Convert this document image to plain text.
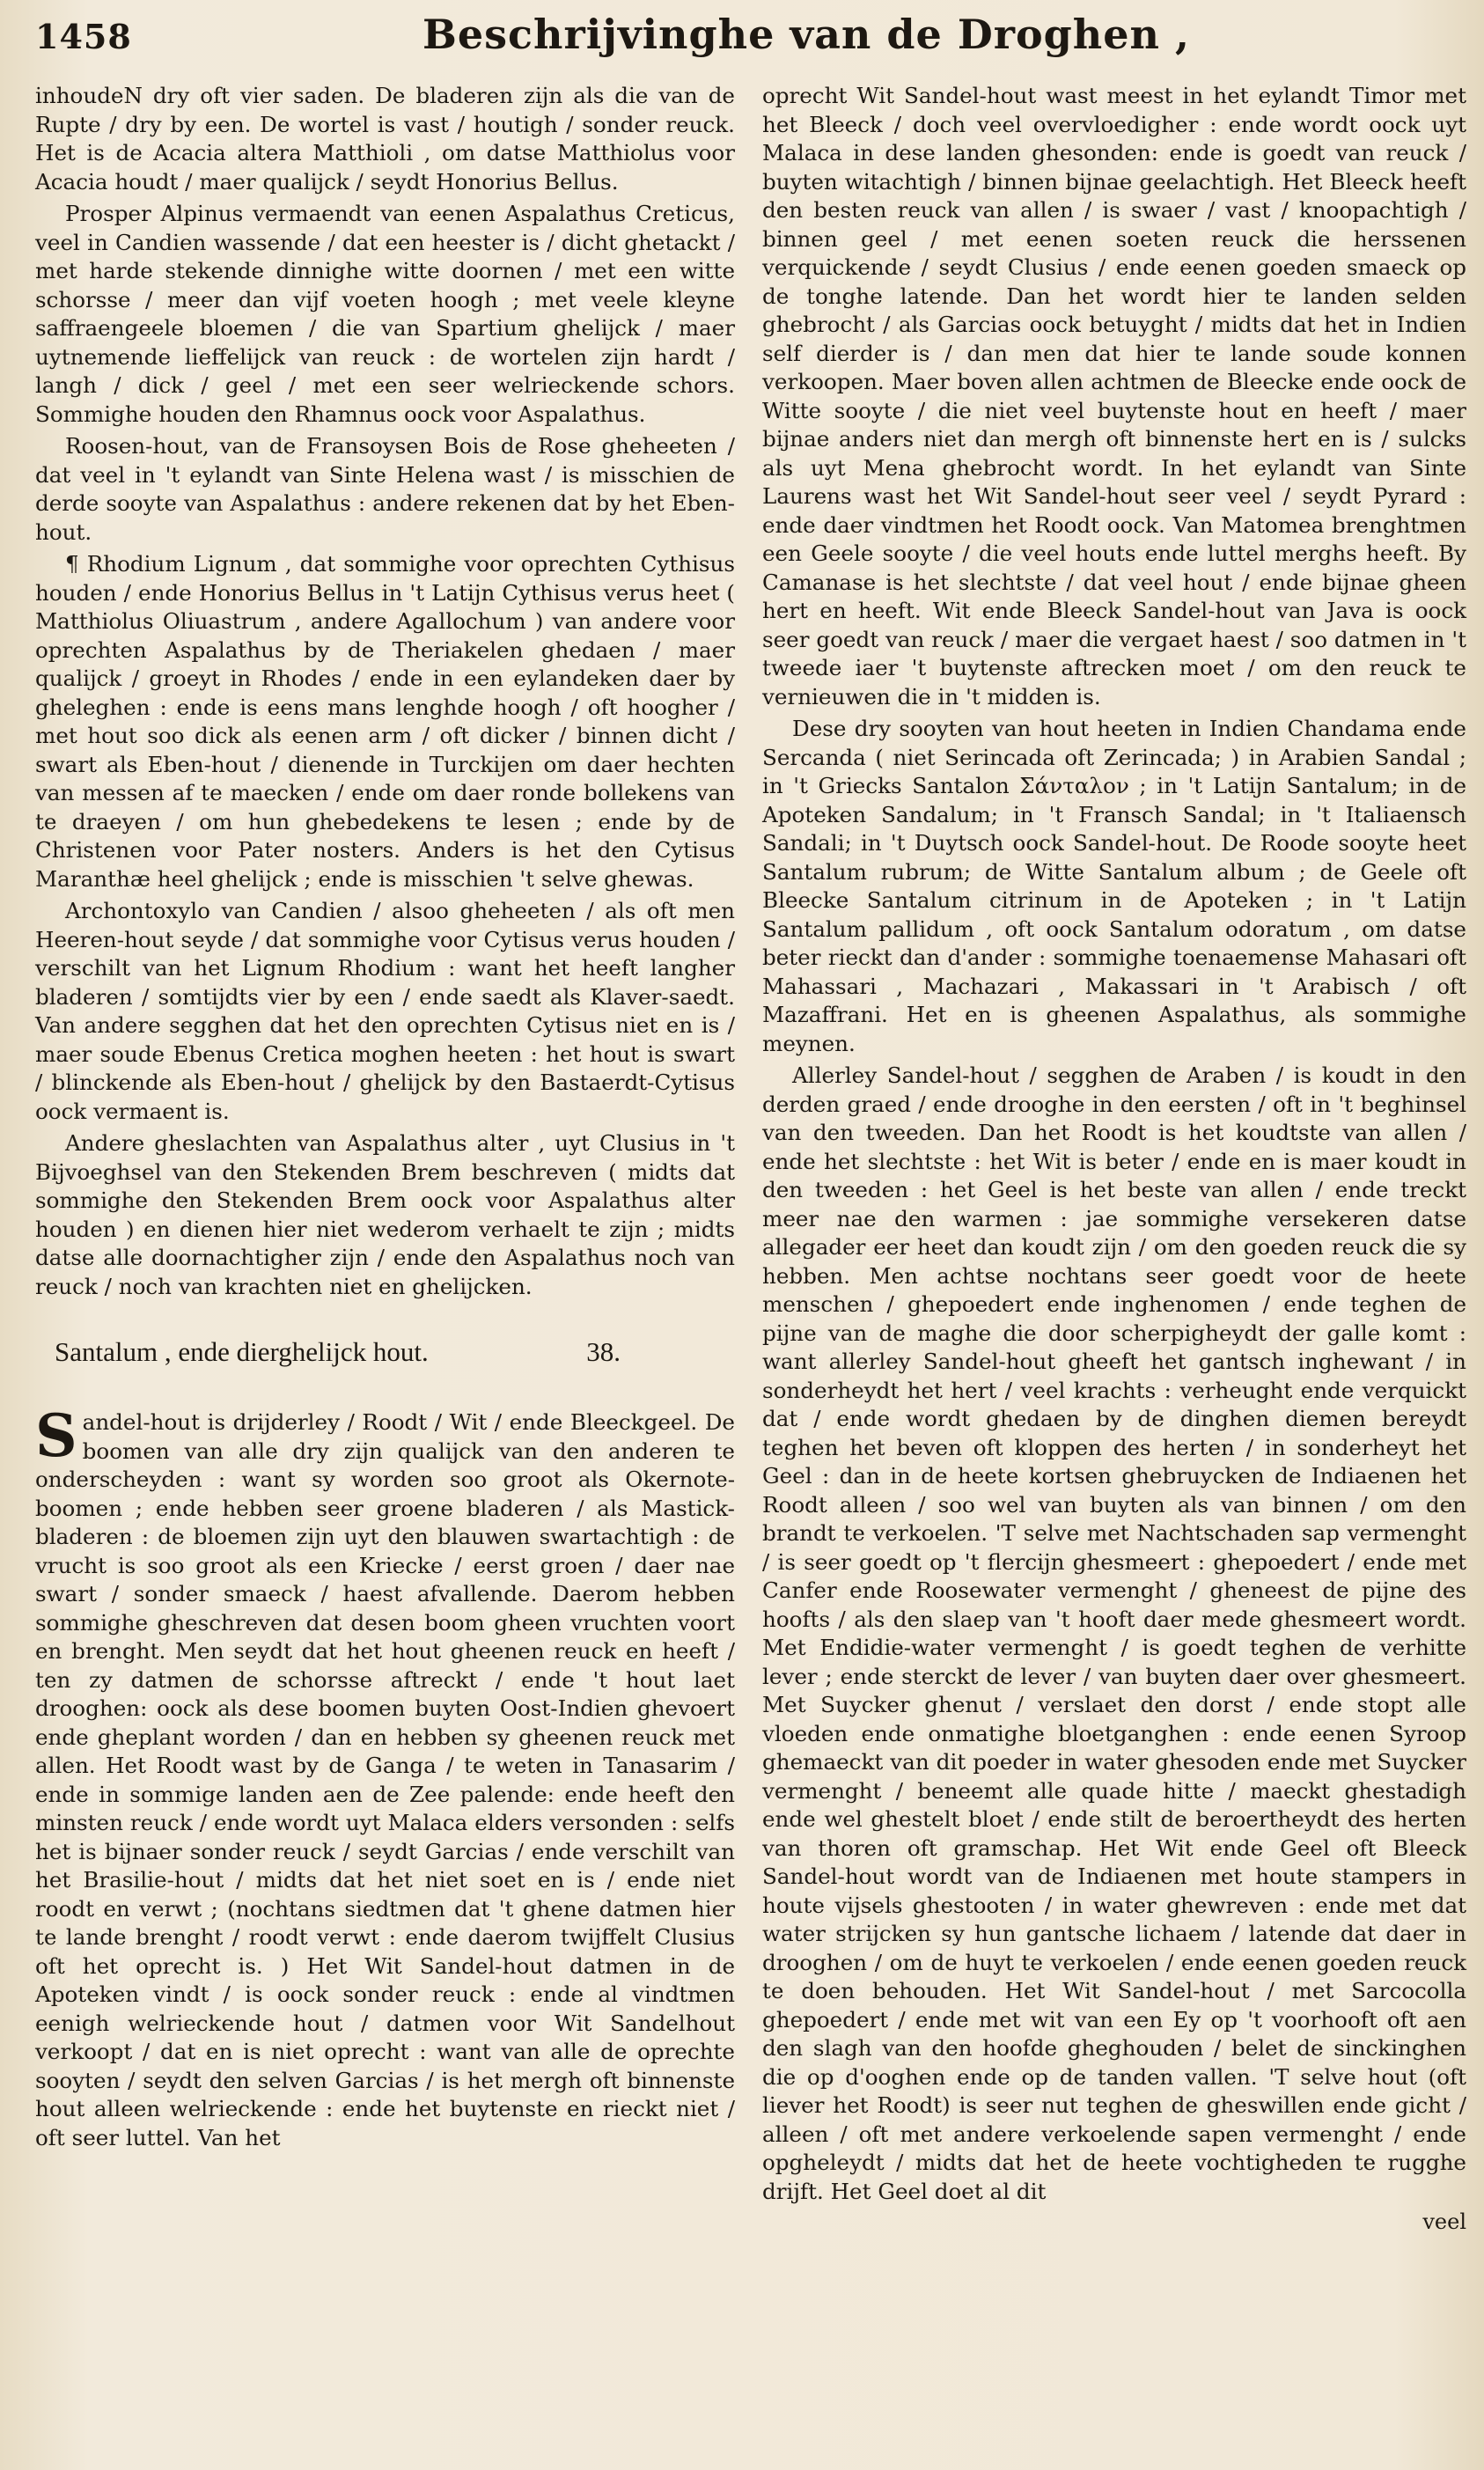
1458	Beschrijvinghe van de Droghen ,

inhoudeN dry oft vier saden. De bladeren zijn als die van de Rupte / dry by een. De wortel is vast / houtigh / sonder reuck. Het is de Acacia altera Matthioli , om datse Matthiolus voor Acacia houdt / maer qualijck / seydt Honorius Bellus.

Prosper Alpinus vermaendt van eenen Aspalathus Creticus, veel in Candien wassende / dat een heester is / dicht ghetackt / met harde stekende dinnighe witte doornen / met een witte schorsse / meer dan vijf voeten hoogh ; met veele kleyne saffraengeele bloemen / die van Spartium ghelijck / maer uytnemende lieffelijck van reuck : de wortelen zijn hardt / langh / dick / geel / met een seer welrieckende schors. Sommighe houden den Rhamnus oock voor Aspalathus.

Roosen-hout, van de Fransoysen Bois de Rose gheheeten / dat veel in 't eylandt van Sinte Helena wast / is misschien de derde sooyte van Aspalathus : andere rekenen dat by het Eben-hout.

¶ Rhodium Lignum , dat sommighe voor oprechten Cythisus houden / ende Honorius Bellus in 't Latijn Cythisus verus heet ( Matthiolus Oliuastrum , andere Agallochum ) van andere voor oprechten Aspalathus by de Theriakelen ghedaen / maer qualijck / groeyt in Rhodes / ende in een eylandeken daer by gheleghen : ende is eens mans lenghde hoogh / oft hoogher / met hout soo dick als eenen arm / oft dicker / binnen dicht / swart als Eben-hout / dienende in Turckijen om daer hechten van messen af te maecken / ende om daer ronde bollekens van te draeyen / om hun ghebedekens te lesen ; ende by de Christenen voor Pater nosters. Anders is het den Cytisus Maranthæ heel ghelijck ; ende is misschien 't selve ghewas.

Archontoxylo van Candien / alsoo gheheeten / als oft men Heeren-hout seyde / dat sommighe voor Cytisus verus houden / verschilt van het Lignum Rhodium : want het heeft langher bladeren / somtijdts vier by een / ende saedt als Klaver-saedt. Van andere segghen dat het den oprechten Cytisus niet en is / maer soude Ebenus Cretica moghen heeten : het hout is swart / blinckende als Eben-hout / ghelijck by den Bastaerdt-Cytisus oock vermaent is.

Andere gheslachten van Aspalathus alter , uyt Clusius in 't Bijvoeghsel van den Stekenden Brem beschreven ( midts dat sommighe den Stekenden Brem oock voor Aspalathus alter houden ) en dienen hier niet wederom verhaelt te zijn ; midts datse alle doornachtigher zijn / ende den Aspalathus noch van reuck / noch van krachten niet en ghelijcken.

Santalum , ende dierghelijck hout.	38.

Sandel-hout is drijderley / Roodt / Wit / ende Bleeckgeel. De boomen van alle dry zijn qualijck van den anderen te onderscheyden : want sy worden soo groot als Okernote-boomen ; ende hebben seer groene bladeren / als Mastick-bladeren : de bloemen zijn uyt den blauwen swartachtigh : de vrucht is soo groot als een Kriecke / eerst groen / daer nae swart / sonder smaeck / haest afvallende. Daerom hebben sommighe gheschreven dat desen boom gheen vruchten voort en brenght. Men seydt dat het hout gheenen reuck en heeft / ten zy datmen de schorsse aftreckt / ende 't hout laet drooghen: oock als dese boomen buyten Oost-Indien ghevoert ende gheplant worden / dan en hebben sy gheenen reuck met allen. Het Roodt wast by de Ganga / te weten in Tanasarim / ende in sommige landen aen de Zee palende: ende heeft den minsten reuck / ende wordt uyt Malaca elders versonden : selfs het is bijnaer sonder reuck / seydt Garcias / ende verschilt van het Brasilie-hout / midts dat het niet soet en is / ende niet roodt en verwt ; (nochtans siedtmen dat 't ghene datmen hier te lande brenght / roodt verwt : ende daerom twijffelt Clusius oft het oprecht is. ) Het Wit Sandel-hout datmen in de Apoteken vindt / is oock sonder reuck : ende al vindtmen eenigh welrieckende hout / datmen voor Wit Sandelhout verkoopt / dat en is niet oprecht : want van alle de oprechte sooyten / seydt den selven Garcias / is het mergh oft binnenste hout alleen welrieckende : ende het buytenste en rieckt niet / oft seer luttel. Van het

oprecht Wit Sandel-hout wast meest in het eylandt Timor met het Bleeck / doch veel overvloedigher : ende wordt oock uyt Malaca in dese landen ghesonden: ende is goedt van reuck / buyten witachtigh / binnen bijnae geelachtigh. Het Bleeck heeft den besten reuck van allen / is swaer / vast / knoopachtigh / binnen geel / met eenen soeten reuck die herssenen verquickende / seydt Clusius / ende eenen goeden smaeck op de tonghe latende. Dan het wordt hier te landen selden ghebrocht / als Garcias oock betuyght / midts dat het in Indien self dierder is / dan men dat hier te lande soude konnen verkoopen. Maer boven allen achtmen de Bleecke ende oock de Witte sooyte / die niet veel buytenste hout en heeft / maer bijnae anders niet dan mergh oft binnenste hert en is / sulcks als uyt Mena ghebrocht wordt. In het eylandt van Sinte Laurens wast het Wit Sandel-hout seer veel / seydt Pyrard : ende daer vindtmen het Roodt oock. Van Matomea brenghtmen een Geele sooyte / die veel houts ende luttel merghs heeft. By Camanase is het slechtste / dat veel hout / ende bijnae gheen hert en heeft. Wit ende Bleeck Sandel-hout van Java is oock seer goedt van reuck / maer die vergaet haest / soo datmen in 't tweede iaer 't buytenste aftrecken moet / om den reuck te vernieuwen die in 't midden is.

Dese dry sooyten van hout heeten in Indien Chandama ende Sercanda ( niet Serincada oft Zerincada; ) in Arabien Sandal ; in 't Griecks Santalon Σάνταλον ; in 't Latijn Santalum; in de Apoteken Sandalum; in 't Fransch Sandal; in 't Italiaensch Sandali; in 't Duytsch oock Sandel-hout. De Roode sooyte heet Santalum rubrum; de Witte Santalum album ; de Geele oft Bleecke Santalum citrinum in de Apoteken ; in 't Latijn Santalum pallidum , oft oock Santalum odoratum , om datse beter rieckt dan d'ander : sommighe toenaemense Mahasari oft Mahassari , Machazari , Makassari in 't Arabisch / oft Mazaffrani. Het en is gheenen Aspalathus, als sommighe meynen.

Allerley Sandel-hout / segghen de Araben / is koudt in den derden graed / ende drooghe in den eersten / oft in 't beghinsel van den tweeden. Dan het Roodt is het koudtste van allen / ende het slechtste : het Wit is beter / ende en is maer koudt in den tweeden : het Geel is het beste van allen / ende treckt meer nae den warmen : jae sommighe versekeren datse allegader eer heet dan koudt zijn / om den goeden reuck die sy hebben. Men achtse nochtans seer goedt voor de heete menschen / ghepoedert ende inghenomen / ende teghen de pijne van de maghe die door scherpigheydt der galle komt : want allerley Sandel-hout gheeft het gantsch inghewant / in sonderheydt het hert / veel krachts : verheught ende verquickt dat / ende wordt ghedaen by de dinghen diemen bereydt teghen het beven oft kloppen des herten / in sonderheyt het Geel : dan in de heete kortsen ghebruycken de Indiaenen het Roodt alleen / soo wel van buyten als van binnen / om den brandt te verkoelen. 'T selve met Nachtschaden sap vermenght / is seer goedt op 't flercijn ghesmeert : ghepoedert / ende met Canfer ende Roosewater vermenght / gheneest de pijne des hoofts / als den slaep van 't hooft daer mede ghesmeert wordt. Met Endidie-water vermenght / is goedt teghen de verhitte lever ; ende sterckt de lever / van buyten daer over ghesmeert. Met Suycker ghenut / verslaet den dorst / ende stopt alle vloeden ende onmatighe bloetganghen : ende eenen Syroop ghemaeckt van dit poeder in water ghesoden ende met Suycker vermenght / beneemt alle quade hitte / maeckt ghestadigh ende wel ghestelt bloet / ende stilt de beroertheydt des herten van thoren oft gramschap. Het Wit ende Geel oft Bleeck Sandel-hout wordt van de Indiaenen met houte stampers in houte vijsels ghestooten / in water ghewreven : ende met dat water strijcken sy hun gantsche lichaem / latende dat daer in drooghen / om de huyt te verkoelen / ende eenen goeden reuck te doen behouden. Het Wit Sandel-hout / met Sarcocolla ghepoedert / ende met wit van een Ey op 't voorhooft oft aen den slagh van den hoofde gheghouden / belet de sinckinghen die op d'ooghen ende op de tanden vallen. 'T selve hout (oft liever het Roodt) is seer nut teghen de gheswillen ende gicht / alleen / oft met andere verkoelende sapen vermenght / ende opgheleydt / midts dat het de heete vochtigheden te rugghe drijft. Het Geel doet al dit

veel
